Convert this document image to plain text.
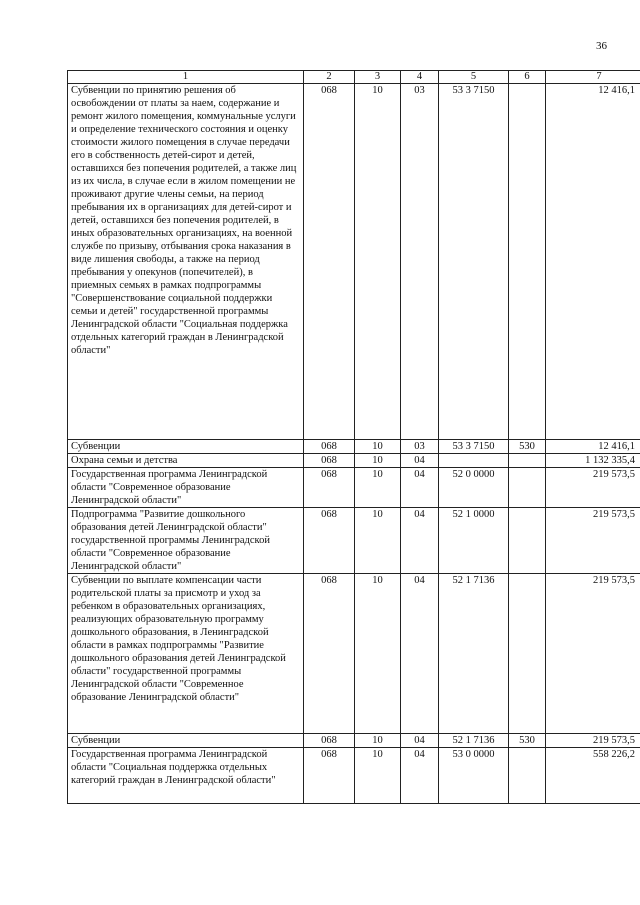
36
1	2	3	4	5	6	7
Субвенции по принятию решения об освобождении от платы за наем, содержание и ремонт жилого помещения, коммунальные услуги и определение технического состояния и оценку стоимости жилого помещения в случае передачи его в собственность детей-сирот и детей, оставшихся без попечения родителей, а также лиц из их числа, в случае если в жилом помещении не проживают другие члены семьи, на период пребывания их в организациях для детей-сирот и детей, оставшихся без попечения родителей, в иных образовательных организациях, на военной службе по призыву, отбывания срока наказания в виде лишения свободы, а также на период пребывания у опекунов (попечителей), в приемных семьях в рамках подпрограммы "Совершенствование социальной поддержки семьи и детей" государственной программы Ленинградской области "Социальная поддержка отдельных категорий граждан в Ленинградской области"	068	10	03	53 3 7150		12 416,1
Субвенции	068	10	03	53 3 7150	530	12 416,1
Охрана семьи и детства	068	10	04			1 132 335,4
Государственная программа Ленинградской области "Современное образование Ленинградской области"	068	10	04	52 0 0000		219 573,5
Подпрограмма "Развитие дошкольного образования детей Ленинградской области" государственной программы Ленинградской области "Современное образование Ленинградской области"	068	10	04	52 1 0000		219 573,5
Субвенции по выплате компенсации части родительской платы за присмотр и уход за ребенком в образовательных организациях, реализующих образовательную программу дошкольного образования, в Ленинградской области в рамках подпрограммы "Развитие дошкольного образования детей Ленинградской области" государственной программы Ленинградской области "Современное образование Ленинградской области"	068	10	04	52 1 7136		219 573,5
Субвенции	068	10	04	52 1 7136	530	219 573,5
Государственная программа Ленинградской области "Социальная поддержка отдельных категорий граждан в Ленинградской области"	068	10	04	53 0 0000		558 226,2
